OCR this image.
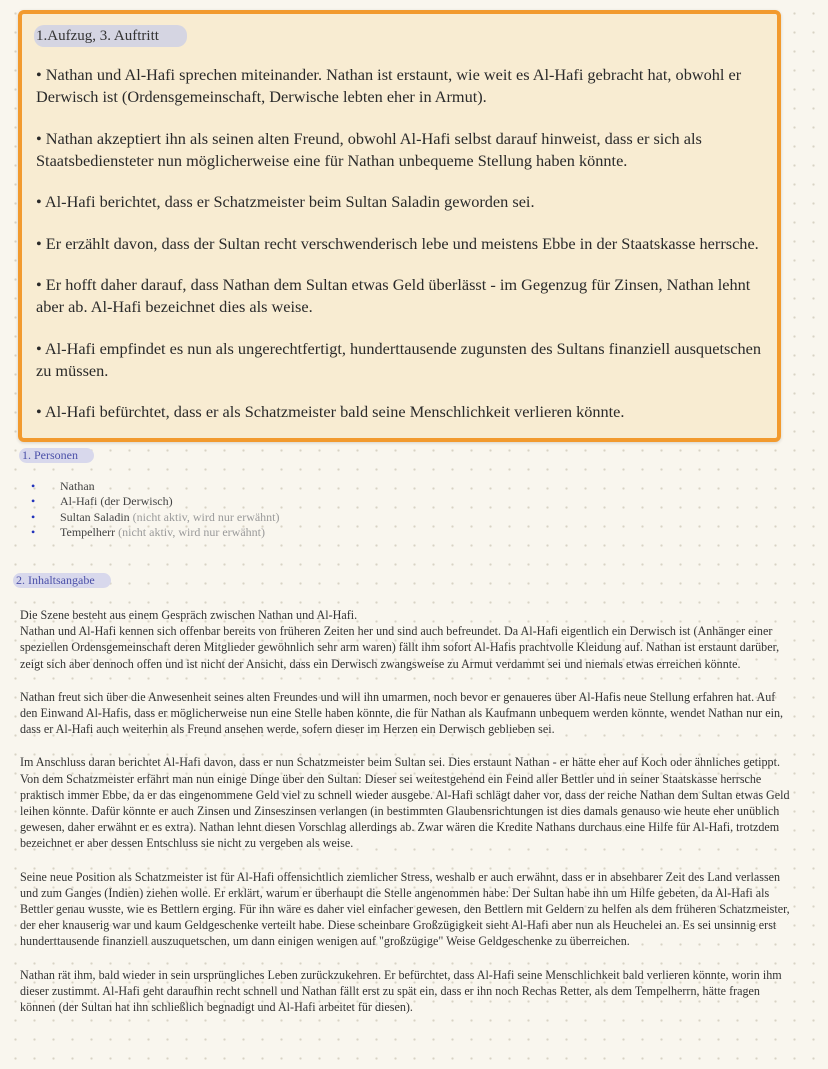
1.Aufzug, 3. Auftritt

• Nathan und Al-Hafi sprechen miteinander. Nathan ist erstaunt, wie weit es Al-Hafi gebracht hat, obwohl er Derwisch ist (Ordensgemeinschaft, Derwische lebten eher in Armut).

• Nathan akzeptiert ihn als seinen alten Freund, obwohl Al-Hafi selbst darauf hinweist, dass er sich als Staatsbediensteter nun möglicherweise eine für Nathan unbequeme Stellung haben könnte.

• Al-Hafi berichtet, dass er Schatzmeister beim Sultan Saladin geworden sei.

• Er erzählt davon, dass der Sultan recht verschwenderisch lebe und meistens Ebbe in der Staatskasse herrsche.

• Er hofft daher darauf, dass Nathan dem Sultan etwas Geld überlässt - im Gegenzug für Zinsen, Nathan lehnt aber ab. Al-Hafi bezeichnet dies als weise.

• Al-Hafi empfindet es nun als ungerechtfertigt, hunderttausende zugunsten des Sultans finanziell ausquetschen zu müssen.

• Al-Hafi befürchtet, dass er als Schatzmeister bald seine Menschlichkeit verlieren könnte.

1. Personen
• Nathan
• Al-Hafi (der Derwisch)
• Sultan Saladin (nicht aktiv, wird nur erwähnt)
• Tempelherr (nicht aktiv, wird nur erwähnt)
2. Inhaltsangabe

Die Szene besteht aus einem Gespräch zwischen Nathan und Al-Hafi.
Nathan und Al-Hafi kennen sich offenbar bereits von früheren Zeiten her und sind auch befreundet. Da Al-Hafi eigentlich ein Derwisch ist (Anhänger einer speziellen Ordensgemeinschaft deren Mitglieder gewöhnlich sehr arm waren) fällt ihm sofort Al-Hafis prachtvolle Kleidung auf. Nathan ist erstaunt darüber, zeigt sich aber dennoch offen und ist nicht der Ansicht, dass ein Derwisch zwangsweise zu Armut verdammt sei und niemals etwas erreichen könnte.

Nathan freut sich über die Anwesenheit seines alten Freundes und will ihn umarmen, noch bevor er genaueres über Al-Hafis neue Stellung erfahren hat. Auf den Einwand Al-Hafis, dass er möglicherweise nun eine Stelle haben könnte, die für Nathan als Kaufmann unbequem werden könnte, wendet Nathan nur ein, dass er Al-Hafi auch weiterhin als Freund ansehen werde, sofern dieser im Herzen ein Derwisch geblieben sei.

Im Anschluss daran berichtet Al-Hafi davon, dass er nun Schatzmeister beim Sultan sei. Dies erstaunt Nathan - er hätte eher auf Koch oder ähnliches getippt. Von dem Schatzmeister erfährt man nun einige Dinge über den Sultan: Dieser sei weitestgehend ein Feind aller Bettler und in seiner Staatskasse herrsche praktisch immer Ebbe, da er das eingenommene Geld viel zu schnell wieder ausgebe. Al-Hafi schlägt daher vor, dass der reiche Nathan dem Sultan etwas Geld leihen könnte. Dafür könnte er auch Zinsen und Zinseszinsen verlangen (in bestimmten Glaubensrichtungen ist dies damals genauso wie heute eher unüblich gewesen, daher erwähnt er es extra). Nathan lehnt diesen Vorschlag allerdings ab. Zwar wären die Kredite Nathans durchaus eine Hilfe für Al-Hafi, trotzdem bezeichnet er aber dessen Entschluss sie nicht zu vergeben als weise.

Seine neue Position als Schatzmeister ist für Al-Hafi offensichtlich ziemlicher Stress, weshalb er auch erwähnt, dass er in absehbarer Zeit des Land verlassen und zum Ganges (Indien) ziehen wolle. Er erklärt, warum er überhaupt die Stelle angenommen habe: Der Sultan habe ihn um Hilfe gebeten, da Al-Hafi als Bettler genau wusste, wie es Bettlern erging. Für ihn wäre es daher viel einfacher gewesen, den Bettlern mit Geldern zu helfen als dem früheren Schatzmeister, der eher knauserig war und kaum Geldgeschenke verteilt habe. Diese scheinbare Großzügigkeit sieht Al-Hafi aber nun als Heuchelei an. Es sei unsinnig erst hunderttausende finanziell auszuquetschen, um dann einigen wenigen auf "großzügige" Weise Geldgeschenke zu überreichen.

Nathan rät ihm, bald wieder in sein ursprüngliches Leben zurückzukehren. Er befürchtet, dass Al-Hafi seine Menschlichkeit bald verlieren könnte, worin ihm dieser zustimmt. Al-Hafi geht daraufhin recht schnell und Nathan fällt erst zu spät ein, dass er ihn noch Rechas Retter, als dem Tempelherrn, hätte fragen können (der Sultan hat ihn schließlich begnadigt und Al-Hafi arbeitet für diesen).
